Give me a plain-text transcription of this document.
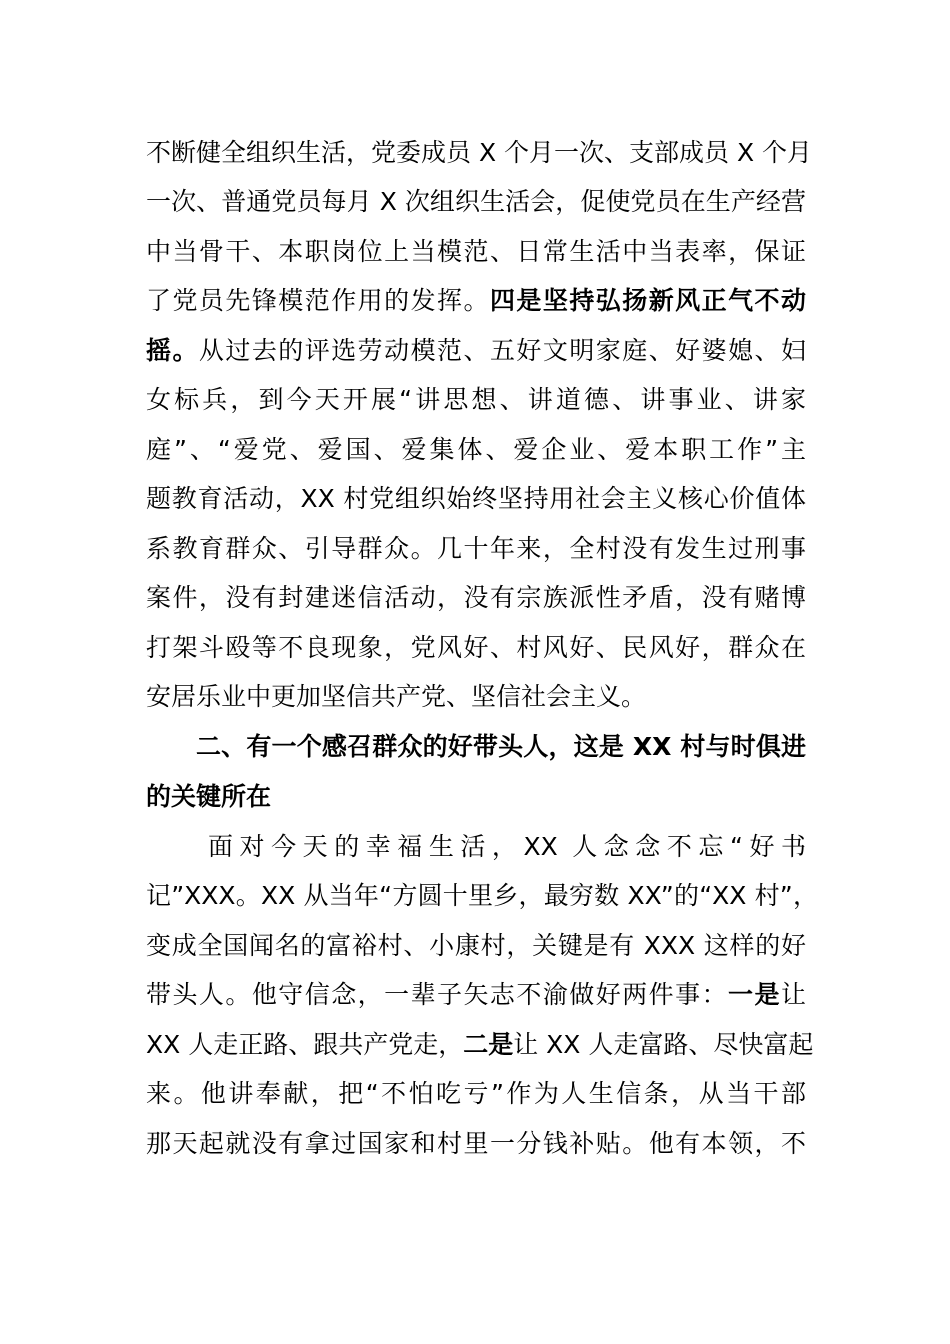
不断健全组织生活，党委成员 X 个月一次、支部成员 X 个月
一次、普通党员每月 X 次组织生活会，促使党员在生产经营
中当骨干、本职岗位上当模范、日常生活中当表率，保证
了党员先锋模范作用的发挥。四是坚持弘扬新风正气不动
摇。从过去的评选劳动模范、五好文明家庭、好婆媳、妇
女标兵，到今天开展“讲思想、讲道德、讲事业、讲家
庭”、“爱党、爱国、爱集体、爱企业、爱本职工作”主
题教育活动，XX 村党组织始终坚持用社会主义核心价值体
系教育群众、引导群众。几十年来，全村没有发生过刑事
案件，没有封建迷信活动，没有宗族派性矛盾，没有赌博
打架斗殴等不良现象，党风好、村风好、民风好，群众在
安居乐业中更加坚信共产党、坚信社会主义。
二、有一个感召群众的好带头人，这是 XX 村与时俱进
的关键所在
面对今天的幸福生活，XX 人念念不忘“好书
记”XXX。XX 从当年“方圆十里乡，最穷数 XX”的“XX 村”，
变成全国闻名的富裕村、小康村，关键是有 XXX 这样的好
带头人。他守信念，一辈子矢志不渝做好两件事：一是让
XX 人走正路、跟共产党走，二是让 XX 人走富路、尽快富起
来。他讲奉献，把“不怕吃亏”作为人生信条，从当干部
那天起就没有拿过国家和村里一分钱补贴。他有本领，不
